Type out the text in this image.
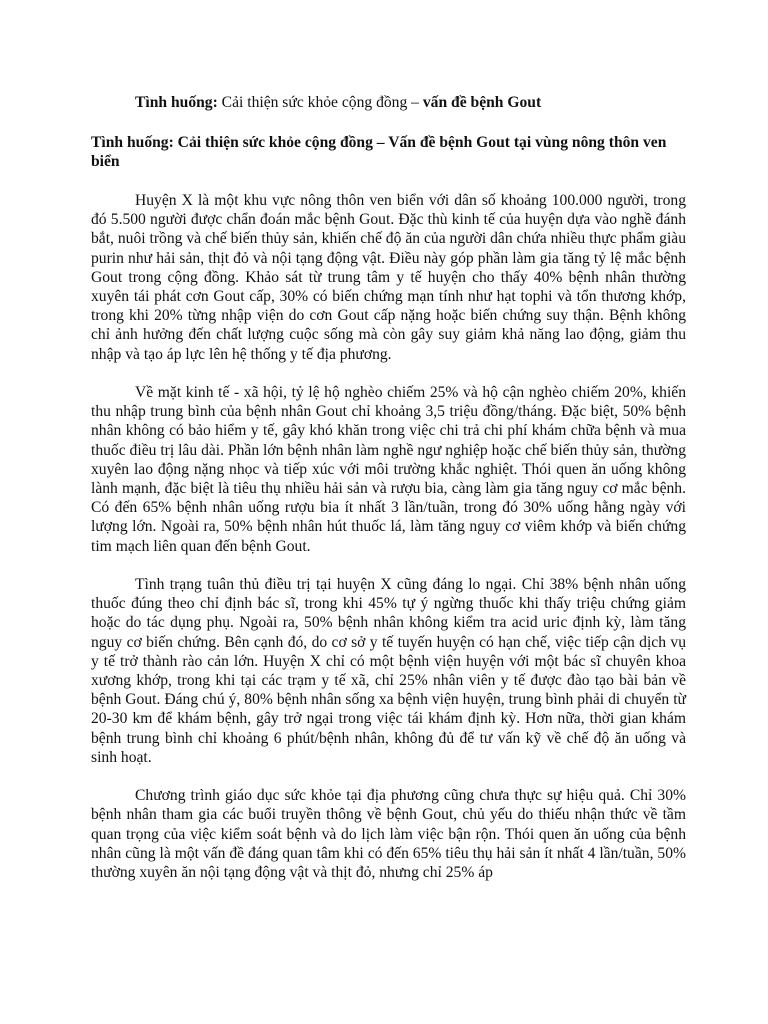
Tình huống: Cải thiện sức khỏe cộng đồng – vấn đề bệnh Gout
Tình huống: Cải thiện sức khỏe cộng đồng – Vấn đề bệnh Gout tại vùng nông thôn ven biển

Huyện X là một khu vực nông thôn ven biển với dân số khoảng 100.000 người, trong đó 5.500 người được chẩn đoán mắc bệnh Gout. Đặc thù kinh tế của huyện dựa vào nghề đánh bắt, nuôi trồng và chế biến thủy sản, khiến chế độ ăn của người dân chứa nhiều thực phẩm giàu purin như hải sản, thịt đỏ và nội tạng động vật. Điều này góp phần làm gia tăng tỷ lệ mắc bệnh Gout trong cộng đồng. Khảo sát từ trung tâm y tế huyện cho thấy 40% bệnh nhân thường xuyên tái phát cơn Gout cấp, 30% có biến chứng mạn tính như hạt tophi và tổn thương khớp, trong khi 20% từng nhập viện do cơn Gout cấp nặng hoặc biến chứng suy thận. Bệnh không chỉ ảnh hưởng đến chất lượng cuộc sống mà còn gây suy giảm khả năng lao động, giảm thu nhập và tạo áp lực lên hệ thống y tế địa phương.

Về mặt kinh tế - xã hội, tỷ lệ hộ nghèo chiếm 25% và hộ cận nghèo chiếm 20%, khiến thu nhập trung bình của bệnh nhân Gout chỉ khoảng 3,5 triệu đồng/tháng. Đặc biệt, 50% bệnh nhân không có bảo hiểm y tế, gây khó khăn trong việc chi trả chi phí khám chữa bệnh và mua thuốc điều trị lâu dài. Phần lớn bệnh nhân làm nghề ngư nghiệp hoặc chế biến thủy sản, thường xuyên lao động nặng nhọc và tiếp xúc với môi trường khắc nghiệt. Thói quen ăn uống không lành mạnh, đặc biệt là tiêu thụ nhiều hải sản và rượu bia, càng làm gia tăng nguy cơ mắc bệnh. Có đến 65% bệnh nhân uống rượu bia ít nhất 3 lần/tuần, trong đó 30% uống hằng ngày với lượng lớn. Ngoài ra, 50% bệnh nhân hút thuốc lá, làm tăng nguy cơ viêm khớp và biến chứng tim mạch liên quan đến bệnh Gout.

Tình trạng tuân thủ điều trị tại huyện X cũng đáng lo ngại. Chỉ 38% bệnh nhân uống thuốc đúng theo chỉ định bác sĩ, trong khi 45% tự ý ngừng thuốc khi thấy triệu chứng giảm hoặc do tác dụng phụ. Ngoài ra, 50% bệnh nhân không kiểm tra acid uric định kỳ, làm tăng nguy cơ biến chứng. Bên cạnh đó, do cơ sở y tế tuyến huyện có hạn chế, việc tiếp cận dịch vụ y tế trở thành rào cản lớn. Huyện X chỉ có một bệnh viện huyện với một bác sĩ chuyên khoa xương khớp, trong khi tại các trạm y tế xã, chỉ 25% nhân viên y tế được đào tạo bài bản về bệnh Gout. Đáng chú ý, 80% bệnh nhân sống xa bệnh viện huyện, trung bình phải di chuyển từ 20-30 km để khám bệnh, gây trở ngại trong việc tái khám định kỳ. Hơn nữa, thời gian khám bệnh trung bình chỉ khoảng 6 phút/bệnh nhân, không đủ để tư vấn kỹ về chế độ ăn uống và sinh hoạt.

Chương trình giáo dục sức khỏe tại địa phương cũng chưa thực sự hiệu quả. Chỉ 30% bệnh nhân tham gia các buổi truyền thông về bệnh Gout, chủ yếu do thiếu nhận thức về tầm quan trọng của việc kiểm soát bệnh và do lịch làm việc bận rộn. Thói quen ăn uống của bệnh nhân cũng là một vấn đề đáng quan tâm khi có đến 65% tiêu thụ hải sản ít nhất 4 lần/tuần, 50% thường xuyên ăn nội tạng động vật và thịt đỏ, nhưng chỉ 25% áp
